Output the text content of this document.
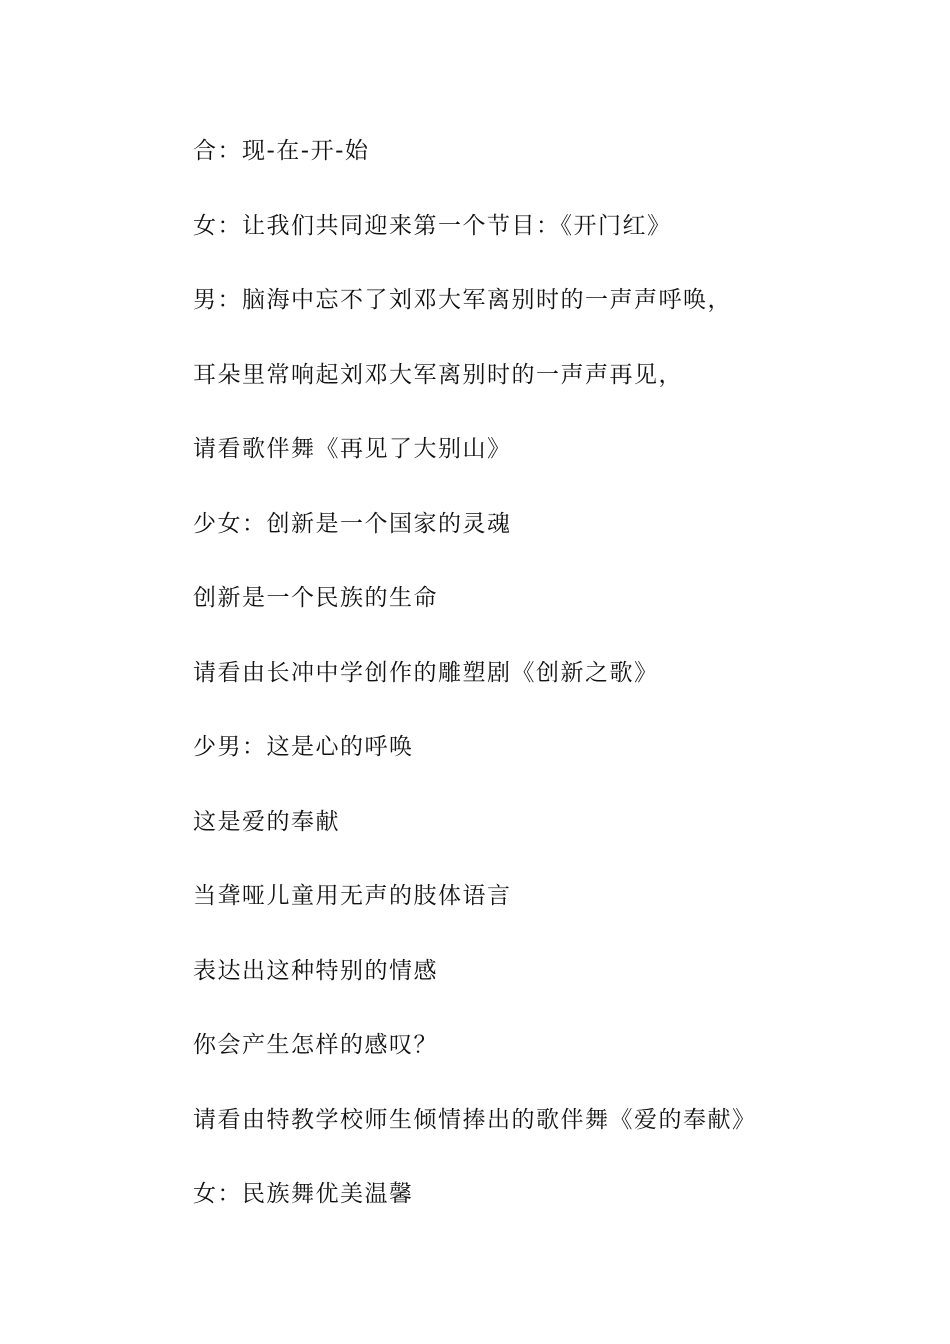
合：现-在-开-始
女：让我们共同迎来第一个节目：《开门红》
男：脑海中忘不了刘邓大军离别时的一声声呼唤，
耳朵里常响起刘邓大军离别时的一声声再见，
请看歌伴舞《再见了大别山》
少女：创新是一个国家的灵魂
创新是一个民族的生命
请看由长冲中学创作的雕塑剧《创新之歌》
少男：这是心的呼唤
这是爱的奉献
当聋哑儿童用无声的肢体语言
表达出这种特别的情感
你会产生怎样的感叹？
请看由特教学校师生倾情捧出的歌伴舞《爱的奉献》
女：民族舞优美温馨
